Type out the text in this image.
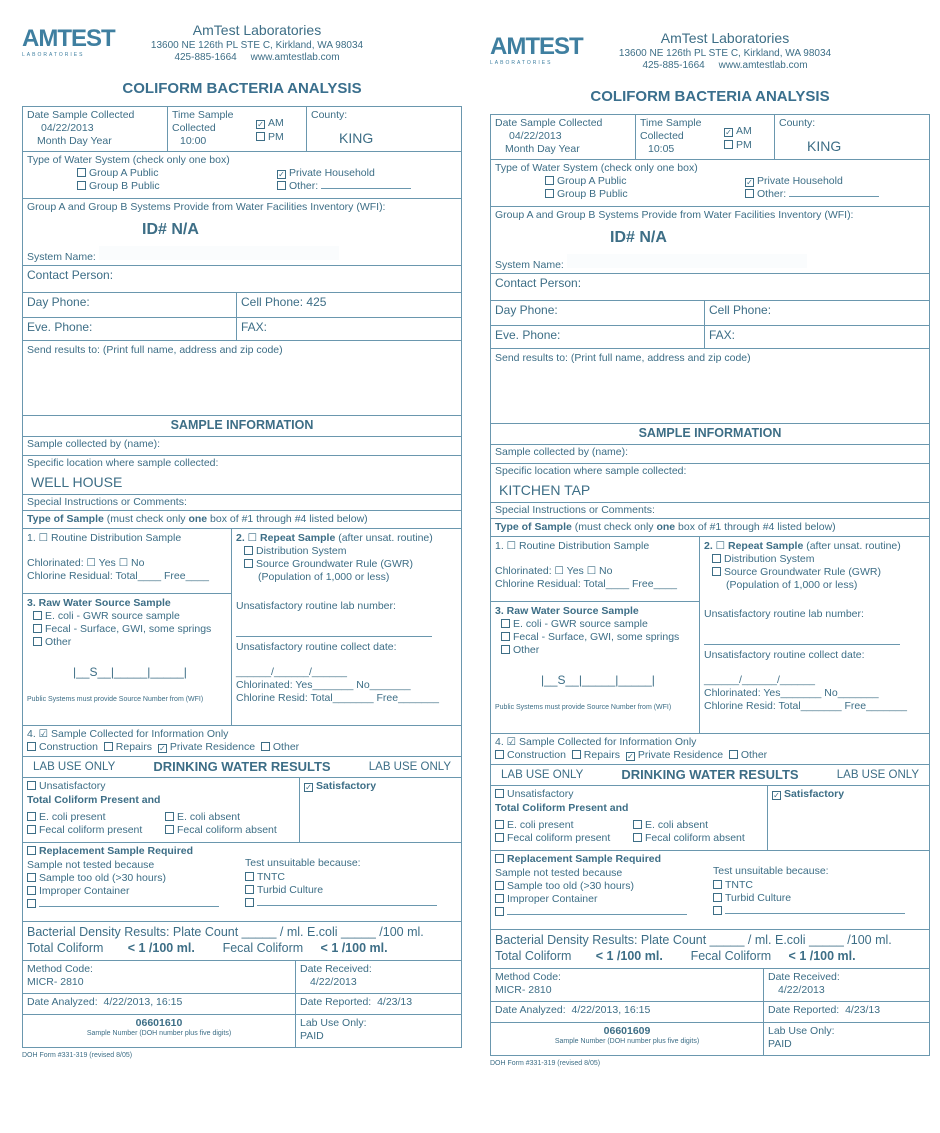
AMTEST
LABORATORIES
AmTest Laboratories
13600 NE 126th PL STE C, Kirkland, WA 98034
425-885-1664 www.amtestlab.com
COLIFORM BACTERIA ANALYSIS
Date Sample Collected
04/22/2013
Month Day Year
Time Sample Collected
10:00
✓AM
PM
County:
KING
Type of Water System (check only one box)
Group A Public
Group B Public
✓Private Household
Other:
Group A and Group B Systems Provide from Water Facilities Inventory (WFI):
ID# N/A
System Name:
Contact Person:
Day Phone:	Cell Phone: 425
Eve. Phone:	FAX:
Send results to: (Print full name, address and zip code)
SAMPLE INFORMATION
Sample collected by (name):
Specific location where sample collected:
WELL HOUSE
Special Instructions or Comments:
Type of Sample (must check only one box of #1 through #4 listed below)
1. ☐ Routine Distribution Sample
Chlorinated: ☐ Yes ☐ No
Chlorine Residual: Total____ Free____
3. Raw Water Source Sample
E. coli - GWR source sample
Fecal - Surface, GWI, some springs
Other
|__S__|_____|_____|
Public Systems must provide Source Number from (WFI)
2. ☐ Repeat Sample (after unsat. routine)
Distribution System
Source Groundwater Rule (GWR)
(Population of 1,000 or less)
Unsatisfactory routine lab number:
Unsatisfactory routine collect date:
______/______/______
Chlorinated: Yes_______ No_______
Chlorine Resid: Total_______ Free_______
4. ☑ Sample Collected for Information Only
Construction Repairs ✓ Private Residence Other
LAB USE ONLY	DRINKING WATER RESULTS	LAB USE ONLY
Unsatisfactory
Total Coliform Present and
E. coli present
Fecal coliform present
E. coli absent
Fecal coliform absent
✓Satisfactory
Replacement Sample Required
Sample not tested because
Sample too old (>30 hours)
Improper Container
Test unsuitable because:
TNTC
Turbid Culture
Bacterial Density Results: Plate Count _____ / ml. E.coli _____ /100 ml.
Total Coliform < 1 /100 ml. Fecal Coliform < 1 /100 ml.
Method Code:
MICR- 2810
Date Received:
4/22/2013
Date Analyzed: 4/22/2013, 16:15	Date Reported: 4/23/13
06601610
Sample Number (DOH number plus five digits)
Lab Use Only:
PAID
DOH Form #331-319 (revised 8/05)
AMTEST
LABORATORIES
AmTest Laboratories
13600 NE 126th PL STE C, Kirkland, WA 98034
425-885-1664 www.amtestlab.com
COLIFORM BACTERIA ANALYSIS
Date Sample Collected
04/22/2013
Month Day Year
Time Sample Collected
10:05
✓AM
PM
County:
KING
Type of Water System (check only one box)
Group A Public
Group B Public
✓Private Household
Other:
Group A and Group B Systems Provide from Water Facilities Inventory (WFI):
ID# N/A
System Name:
Contact Person:
Day Phone:	Cell Phone:
Eve. Phone:	FAX:
Send results to: (Print full name, address and zip code)
SAMPLE INFORMATION
Sample collected by (name):
Specific location where sample collected:
KITCHEN TAP
Special Instructions or Comments:
Type of Sample (must check only one box of #1 through #4 listed below)
1. ☐ Routine Distribution Sample
Chlorinated: ☐ Yes ☐ No
Chlorine Residual: Total____ Free____
3. Raw Water Source Sample
E. coli - GWR source sample
Fecal - Surface, GWI, some springs
Other
|__S__|_____|_____|
Public Systems must provide Source Number from (WFI)
2. ☐ Repeat Sample (after unsat. routine)
Distribution System
Source Groundwater Rule (GWR)
(Population of 1,000 or less)
Unsatisfactory routine lab number:
Unsatisfactory routine collect date:
______/______/______
Chlorinated: Yes_______ No_______
Chlorine Resid: Total_______ Free_______
4. ☑ Sample Collected for Information Only
Construction Repairs ✓ Private Residence Other
LAB USE ONLY	DRINKING WATER RESULTS	LAB USE ONLY
Unsatisfactory
Total Coliform Present and
E. coli present
Fecal coliform present
E. coli absent
Fecal coliform absent
✓Satisfactory
Replacement Sample Required
Sample not tested because
Sample too old (>30 hours)
Improper Container
Test unsuitable because:
TNTC
Turbid Culture
Bacterial Density Results: Plate Count _____ / ml. E.coli _____ /100 ml.
Total Coliform < 1 /100 ml. Fecal Coliform < 1 /100 ml.
Method Code:
MICR- 2810
Date Received:
4/22/2013
Date Analyzed: 4/22/2013, 16:15	Date Reported: 4/23/13
06601609
Sample Number (DOH number plus five digits)
Lab Use Only:
PAID
DOH Form #331-319 (revised 8/05)
